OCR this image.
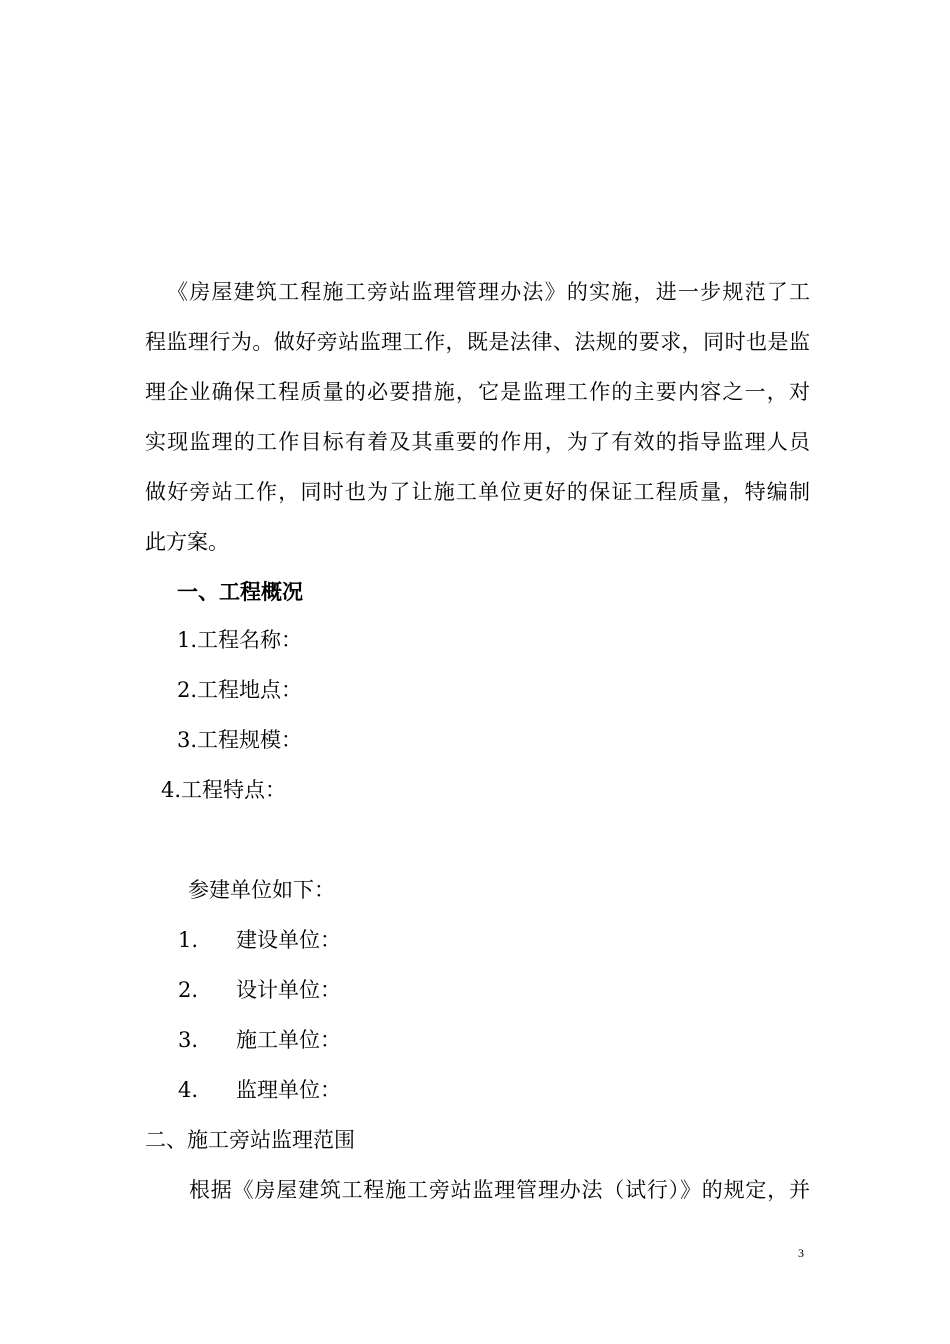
《房屋建筑工程施工旁站监理管理办法》的实施，进一步规范了工
程监理行为。做好旁站监理工作，既是法律、法规的要求，同时也是监
理企业确保工程质量的必要措施，它是监理工作的主要内容之一，对
实现监理的工作目标有着及其重要的作用，为了有效的指导监理人员
做好旁站工作，同时也为了让施工单位更好的保证工程质量，特编制
此方案。
一、工程概况
1.工程名称：
2.工程地点：
3.工程规模：
4.工程特点：
参建单位如下：
1. 建设单位：
2. 设计单位：
3. 施工单位：
4. 监理单位：
二、施工旁站监理范围
根据《房屋建筑工程施工旁站监理管理办法（试行）》的规定，并
3
